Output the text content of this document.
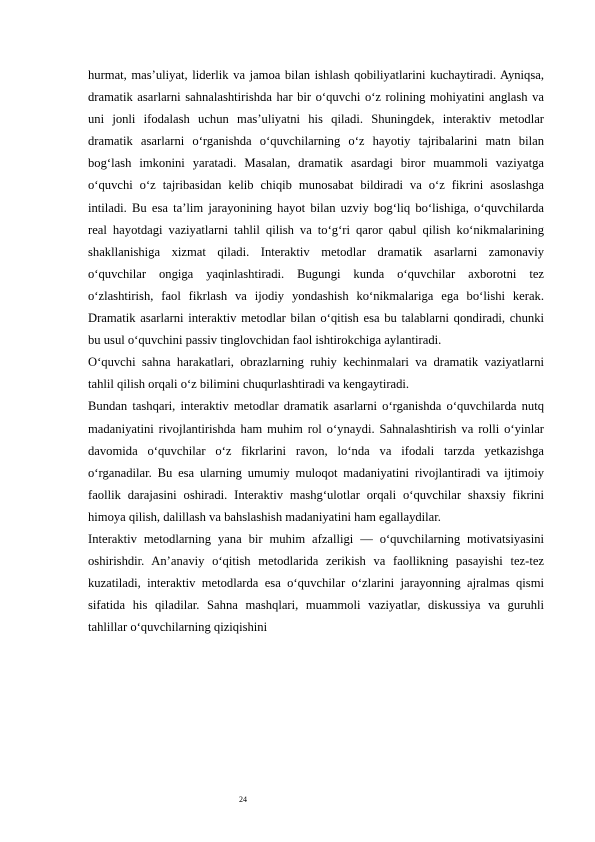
hurmat, mas’uliyat, liderlik va jamoa bilan ishlash qobiliyatlarini kuchaytiradi. Ayniqsa, dramatik asarlarni sahnalashtirishda har bir o‘quvchi o‘z rolining mohiyatini anglash va uni jonli ifodalash uchun mas’uliyatni his qiladi. Shuningdek, interaktiv metodlar dramatik asarlarni o‘rganishda o‘quvchilarning o‘z hayotiy tajribalarini matn bilan bog‘lash imkonini yaratadi. Masalan, dramatik asardagi biror muammoli vaziyatga o‘quvchi o‘z tajribasidan kelib chiqib munosabat bildiradi va o‘z fikrini asoslashga intiladi. Bu esa ta’lim jarayonining hayot bilan uzviy bog‘liq bo‘lishiga, o‘quvchilarda real hayotdagi vaziyatlarni tahlil qilish va to‘g‘ri qaror qabul qilish ko‘nikmalarining shakllanishiga xizmat qiladi. Interaktiv metodlar dramatik asarlarni zamonaviy o‘quvchilar ongiga yaqinlashtiradi. Bugungi kunda o‘quvchilar axborotni tez o‘zlashtirish, faol fikrlash va ijodiy yondashish ko‘nikmalariga ega bo‘lishi kerak. Dramatik asarlarni interaktiv metodlar bilan o‘qitish esa bu talablarni qondiradi, chunki bu usul o‘quvchini passiv tinglovchidan faol ishtirokchiga aylantiradi.

O‘quvchi sahna harakatlari, obrazlarning ruhiy kechinmalari va dramatik vaziyatlarni tahlil qilish orqali o‘z bilimini chuqurlashtiradi va kengaytiradi.

Bundan tashqari, interaktiv metodlar dramatik asarlarni o‘rganishda o‘quvchilarda nutq madaniyatini rivojlantirishda ham muhim rol o‘ynaydi. Sahnalashtirish va rolli o‘yinlar davomida o‘quvchilar o‘z fikrlarini ravon, lo‘nda va ifodali tarzda yetkazishga o‘rganadilar. Bu esa ularning umumiy muloqot madaniyatini rivojlantiradi va ijtimoiy faollik darajasini oshiradi. Interaktiv mashg‘ulotlar orqali o‘quvchilar shaxsiy fikrini himoya qilish, dalillash va bahslashish madaniyatini ham egallaydilar.

Interaktiv metodlarning yana bir muhim afzalligi — o‘quvchilarning motivatsiyasini oshirishdir. An’anaviy o‘qitish metodlarida zerikish va faollikning pasayishi tez-tez kuzatiladi, interaktiv metodlarda esa o‘quvchilar o‘zlarini jarayonning ajralmas qismi sifatida his qiladilar. Sahna mashqlari, muammoli vaziyatlar, diskussiya va guruhli tahlillar o‘quvchilarning qiziqishini

24
